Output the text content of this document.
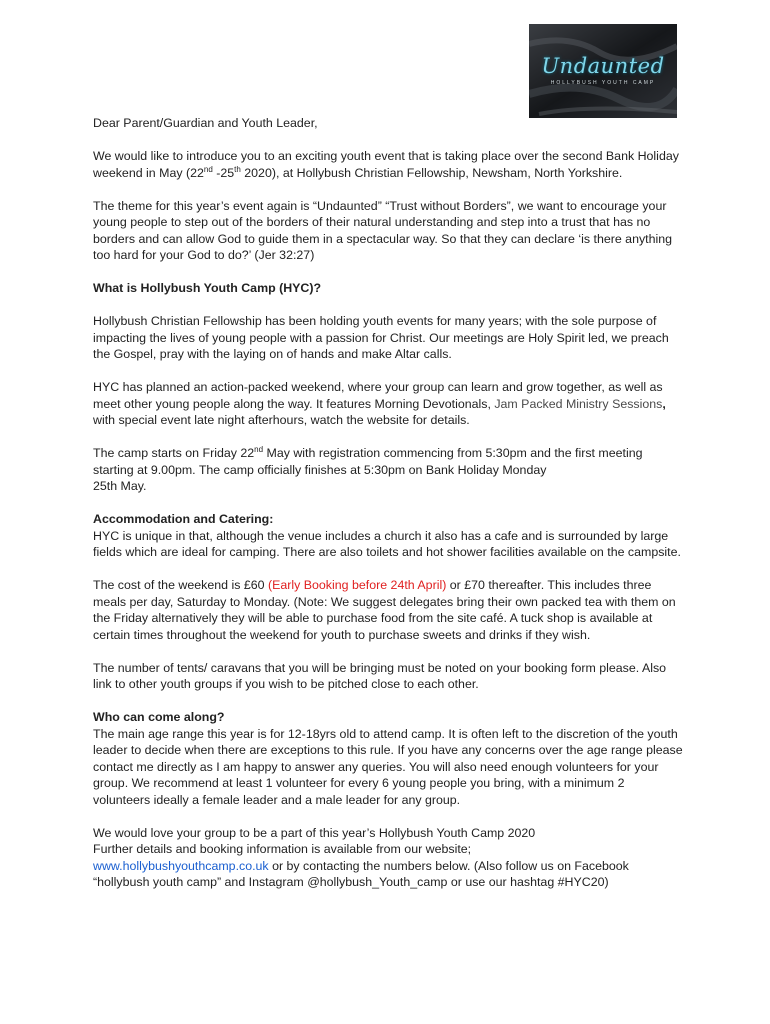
Undaunted
HOLLYBUSH YOUTH CAMP

Dear Parent/Guardian and Youth Leader,

We would like to introduce you to an exciting youth event that is taking place over the second Bank Holiday weekend in May (22nd -25th 2020), at Hollybush Christian Fellowship, Newsham, North Yorkshire.

The theme for this year’s event again is “Undaunted” “Trust without Borders”, we want to encourage your young people to step out of the borders of their natural understanding and step into a trust that has no borders and can allow God to guide them in a spectacular way. So that they can declare ‘is there anything too hard for your God to do?’ (Jer 32:27)

What is Hollybush Youth Camp (HYC)?

Hollybush Christian Fellowship has been holding youth events for many years; with the sole purpose of impacting the lives of young people with a passion for Christ. Our meetings are Holy Spirit led, we preach the Gospel, pray with the laying on of hands and make Altar calls.

HYC has planned an action-packed weekend, where your group can learn and grow together, as well as meet other young people along the way. It features Morning Devotionals, Jam Packed Ministry Sessions, with special event late night afterhours, watch the website for details.

The camp starts on Friday 22nd May with registration commencing from 5:30pm and the first meeting starting at 9.00pm. The camp officially finishes at 5:30pm on Bank Holiday Monday

25th May.

Accommodation and Catering:

HYC is unique in that, although the venue includes a church it also has a cafe and is surrounded by large fields which are ideal for camping. There are also toilets and hot shower facilities available on the campsite.

The cost of the weekend is £60 (Early Booking before 24th April) or £70 thereafter. This includes three meals per day, Saturday to Monday. (Note: We suggest delegates bring their own packed tea with them on the Friday alternatively they will be able to purchase food from the site café. A tuck shop is available at certain times throughout the weekend for youth to purchase sweets and drinks if they wish.

The number of tents/ caravans that you will be bringing must be noted on your booking form please. Also link to other youth groups if you wish to be pitched close to each other.

Who can come along?

The main age range this year is for 12-18yrs old to attend camp. It is often left to the discretion of the youth leader to decide when there are exceptions to this rule. If you have any concerns over the age range please contact me directly as I am happy to answer any queries. You will also need enough volunteers for your group. We recommend at least 1 volunteer for every 6 young people you bring, with a minimum 2 volunteers ideally a female leader and a male leader for any group.

We would love your group to be a part of this year’s Hollybush Youth Camp 2020

Further details and booking information is available from our website;

www.hollybushyouthcamp.co.uk or by contacting the numbers below. (Also follow us on Facebook “hollybush youth camp” and Instagram @hollybush_Youth_camp or use our hashtag #HYC20)
